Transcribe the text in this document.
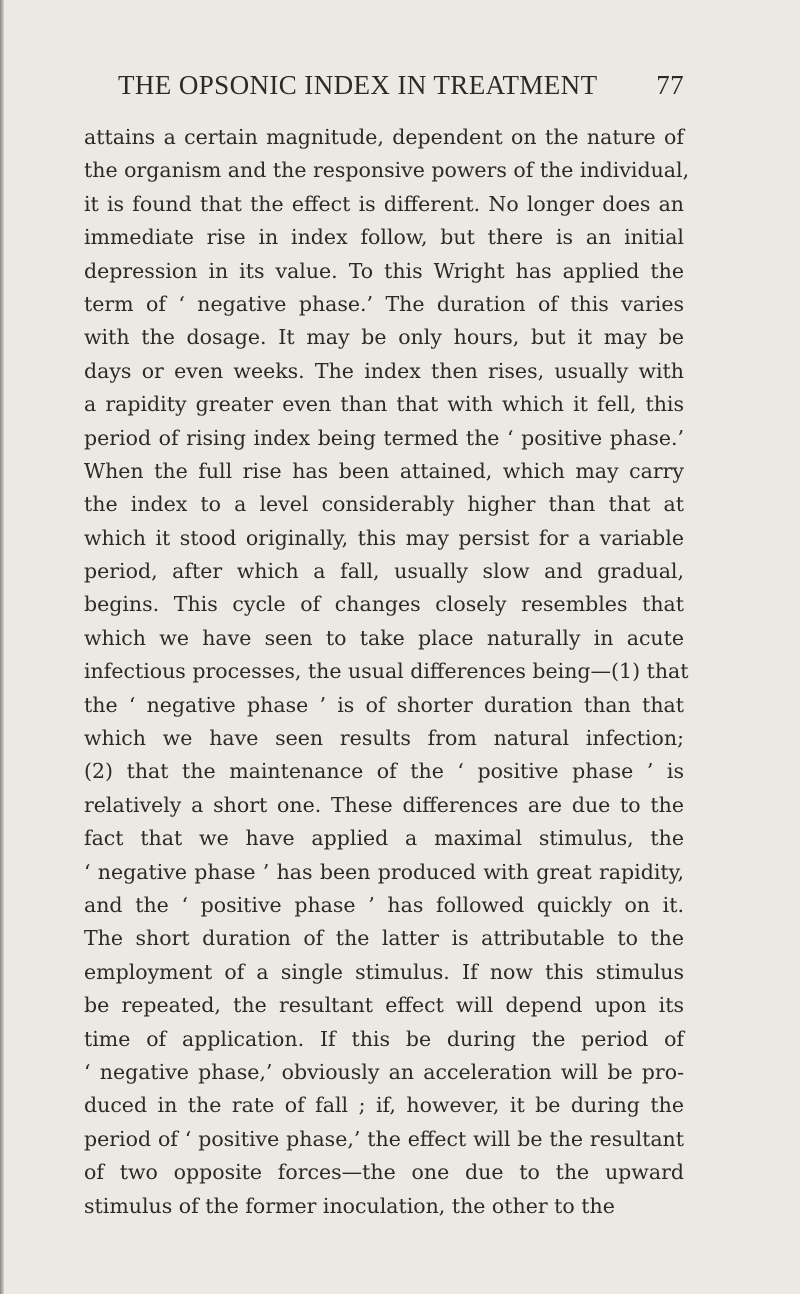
THE OPSONIC INDEX IN TREATMENT 77
attains a certain magnitude, dependent on the nature of
the organism and the responsive powers of the individual,
it is found that the effect is different. No longer does an
immediate rise in index follow, but there is an initial
depression in its value. To this Wright has applied the
term of ‘ negative phase.’ The duration of this varies
with the dosage. It may be only hours, but it may be
days or even weeks. The index then rises, usually with
a rapidity greater even than that with which it fell, this
period of rising index being termed the ‘ positive phase.’
When the full rise has been attained, which may carry
the index to a level considerably higher than that at
which it stood originally, this may persist for a variable
period, after which a fall, usually slow and gradual,
begins. This cycle of changes closely resembles that
which we have seen to take place naturally in acute
infectious processes, the usual differences being—(1) that
the ‘ negative phase ’ is of shorter duration than that
which we have seen results from natural infection;
(2) that the maintenance of the ‘ positive phase ’ is
relatively a short one. These differences are due to the
fact that we have applied a maximal stimulus, the
‘ negative phase ’ has been produced with great rapidity,
and the ‘ positive phase ’ has followed quickly on it.
The short duration of the latter is attributable to the
employment of a single stimulus. If now this stimulus
be repeated, the resultant effect will depend upon its
time of application. If this be during the period of
‘ negative phase,’ obviously an acceleration will be pro-
duced in the rate of fall ; if, however, it be during the
period of ‘ positive phase,’ the effect will be the resultant
of two opposite forces—the one due to the upward
stimulus of the former inoculation, the other to the
